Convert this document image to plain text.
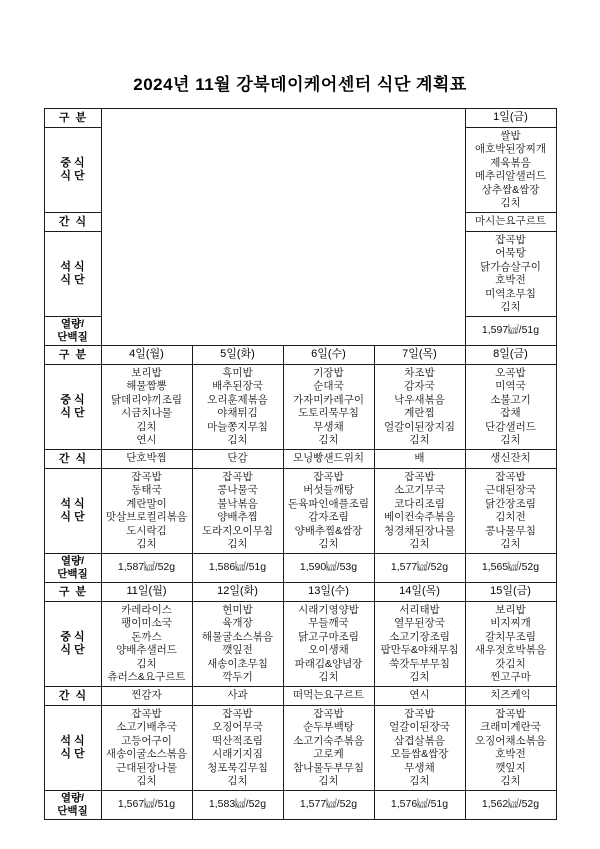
2024년 11월 강북데이케어센터 식단 계획표
구  분					1일(금)

중 식
식 단

쌀밥
애호박된장찌개
제육볶음
메추리알샐러드
상추쌈&쌈장
김치

간  식					마시는요구르트

석 식
식 단

잡곡밥
어묵탕
닭가슴살구이
호박전
미역초무침
김치

열량/
단백질					1,597㎉/51g
구  분	4일(월)	5일(화)	6일(수)	7일(목)	8일(금)

중 식
식 단

보리밥
해물짬뽕
닭데리야끼조림
시금치나물
김치
연시

흑미밥
배추된장국
오리훈제볶음
야채튀김
마늘쫑지무침
김치

기장밥
순대국
가자미카레구이
도토리묵무침
무생채
김치

차조밥
감자국
낙우새볶음
계란찜
얼갈이된장지짐
김치

오곡밥
미역국
소불고기
잡채
단감샐러드
김치

간  식	단호박찜	단감	모닝빵샌드위치	배	생신잔치

석 식
식 단

잡곡밥
동태국
계란말이
맛살브로컬리볶음
도시락김
김치

잡곡밥
콩나물국
불낙볶음
양배추찜
도라지오이무침
김치

잡곡밥
버섯들깨탕
돈육파인애플조림
감자조림
양배추찜&쌈장
김치

잡곡밥
소고기무국
코다리조림
베이컨숙주볶음
청경채된장나물
김치

잡곡밥
근대된장국
닭간장조림
김치전
콩나물무침
김치

열량/
단백질	1,587㎉/52g	1,586㎉/51g	1,590㎉/53g	1,577㎉/52g	1,565㎉/52g
구  분	11일(월)	12일(화)	13일(수)	14일(목)	15일(금)

중 식
식 단

카레라이스
팽이미소국
돈까스
양배추샐러드
김치
츄러스&요구르트

현미밥
육개장
해물굴소스볶음
깻잎전
새송이초무침
깍두기

시래기영양밥
무들깨국
닭고구마조림
오이생채
파래김&양념장
김치

서리태밥
열무된장국
소고기장조림
팝만두&야채무침
쑥갓두부무침
김치

보리밥
비지찌개
갈치무조림
새우젓호박볶음
갓김치
찐고구마

간  식	찐감자	사과	떠먹는요구르트	연시	치즈케익

석 식
식 단

잡곡밥
소고기배추국
고등어구이
새송이굴소스볶음
근대된장나물
김치

잡곡밥
오징어무국
떡산적조림
시래기지짐
청포묵김무침
김치

잡곡밥
순두부백탕
소고기숙주볶음
고로케
참나물두부무침
김치

잡곡밥
얼갈이된장국
삼겹살볶음
모듬쌈&쌈장
무생채
김치

잡곡밥
크래미계란국
오징어채소볶음
호박전
깻잎지
김치

열량/
단백질	1,567㎉/51g	1,583㎉/52g	1,577㎉/52g	1,576㎉/51g	1,562㎉/52g
